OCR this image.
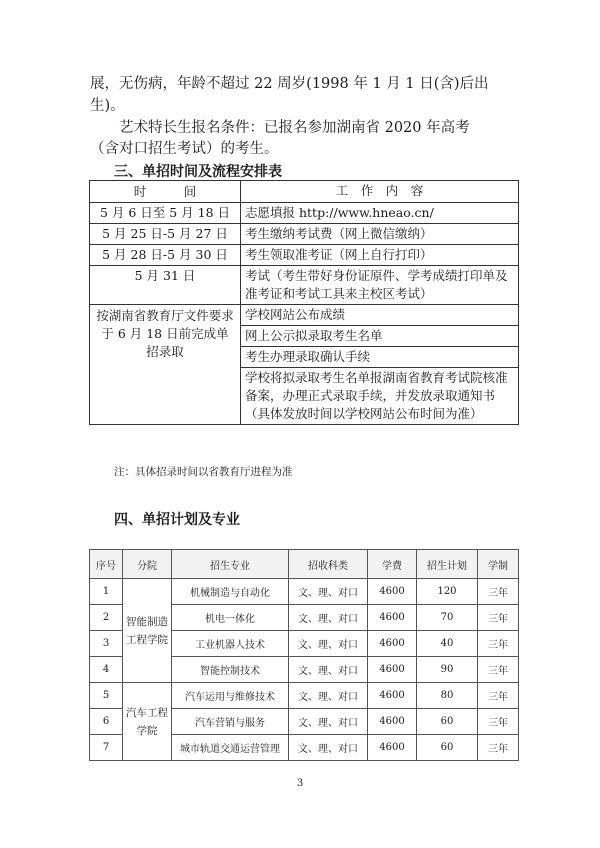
展，无伤病，年龄不超过 22 周岁(1998 年 1 月 1 日(含)后出

生)。

艺术特长生报名条件：已报名参加湖南省 2020 年高考

（含对口招生考试）的考生。

三、单招时间及流程安排表

时　　　间	工　作　内　容
5 月 6 日至 5 月 18 日	志愿填报 http://www.hneao.cn/
5 月 25 日-5 月 27 日	考生缴纳考试费（网上微信缴纳）
5 月 28 日-5 月 30 日	考生领取准考证（网上自行打印）
5 月 31 日	考试（考生带好身份证原件、学考成绩打印单及准考证和考试工具来主校区考试）
按湖南省教育厅文件要求于 6 月 18 日前完成单招录取	学校网站公布成绩
	网上公示拟录取考生名单
	考生办理录取确认手续
	学校将拟录取考生名单报湖南省教育考试院核准备案，办理正式录取手续，并发放录取通知书（具体发放时间以学校网站公布时间为准）

注：具体招录时间以省教育厅进程为准

四、单招计划及专业

序号	分院	招生专业	招收科类	学费	招生计划	学制
1	智能制造工程学院	机械制造与自动化	文、理、对口	4600	120	三年
2		机电一体化	文、理、对口	4600	70	三年
3		工业机器人技术	文、理、对口	4600	40	三年
4		智能控制技术	文、理、对口	4600	90	三年
5	汽车工程学院	汽车运用与维修技术	文、理、对口	4600	80	三年
6		汽车营销与服务	文、理、对口	4600	60	三年
7		城市轨道交通运营管理	文、理、对口	4600	60	三年
3
